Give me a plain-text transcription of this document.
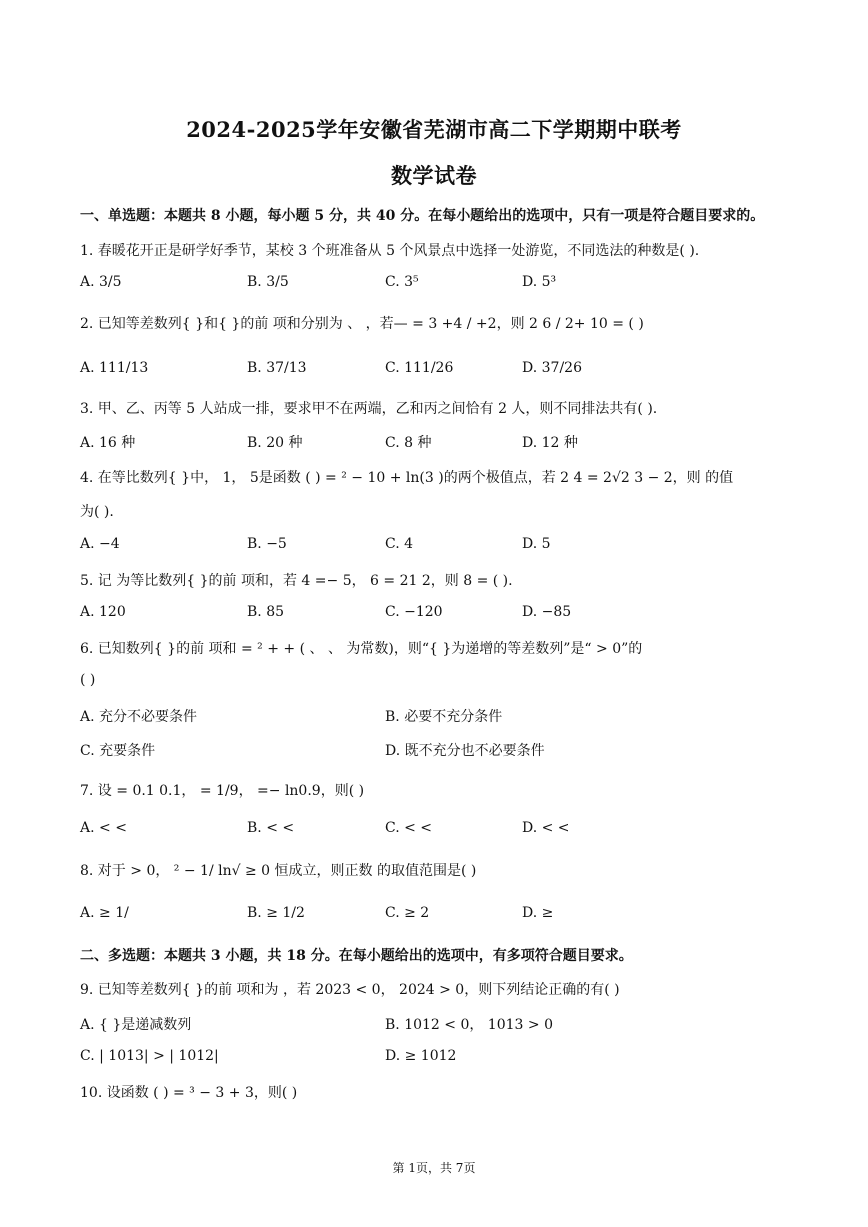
2024-2025学年安徽省芜湖市高二下学期期中联考
数学试卷
一、单选题：本题共 8 小题，每小题 5 分，共 40 分。在每小题给出的选项中，只有一项是符合题目要求的。
1. 春暖花开正是研学好季节，某校 3 个班准备从 5 个风景点中选择一处游览，不同选法的种数是( ).
A. 3/5	B. 3/5	C. 3⁵	D. 5³
2. 已知等差数列{ }和{ }的前 项和分别为 、 ，若— = 3 +4 / +2，则 2 6 / 2+ 10 = ( )
A. 111/13	B. 37/13	C. 111/26	D. 37/26
3. 甲、乙、丙等 5 人站成一排，要求甲不在两端，乙和丙之间恰有 2 人，则不同排法共有( ).
A. 16 种	B. 20 种	C. 8 种	D. 12 种
4. 在等比数列{ }中， 1， 5是函数 ( ) = ² − 10 + ln(3 )的两个极值点，若 2 4 = 2√2 3 − 2，则 的值
为( ).
A. −4	B. −5	C. 4	D. 5
5. 记 为等比数列{ }的前 项和，若 4 =− 5， 6 = 21 2，则 8 = ( ).
A. 120	B. 85	C. −120	D. −85
6. 已知数列{ }的前 项和 = ² + + ( 、 、 为常数)，则“{ }为递增的等差数列”是“ > 0”的
( )
A. 充分不必要条件	B. 必要不充分条件
C. 充要条件	D. 既不充分也不必要条件
7. 设 = 0.1 0.1， = 1/9， =− ln0.9，则( )
A. < <	B. < <	C. < <	D. < <
8. 对于 > 0， ² − 1/ ln√ ≥ 0 恒成立，则正数 的取值范围是( )
A. ≥ 1/	B. ≥ 1/2	C. ≥ 2	D. ≥
二、多选题：本题共 3 小题，共 18 分。在每小题给出的选项中，有多项符合题目要求。
9. 已知等差数列{ }的前 项和为 ，若 2023 < 0， 2024 > 0，则下列结论正确的有( )
A. { }是递减数列	B. 1012 < 0， 1013 > 0
C. | 1013| > | 1012|	D. ≥ 1012
10. 设函数 ( ) = ³ − 3 + 3，则( )
第 1页，共 7页
